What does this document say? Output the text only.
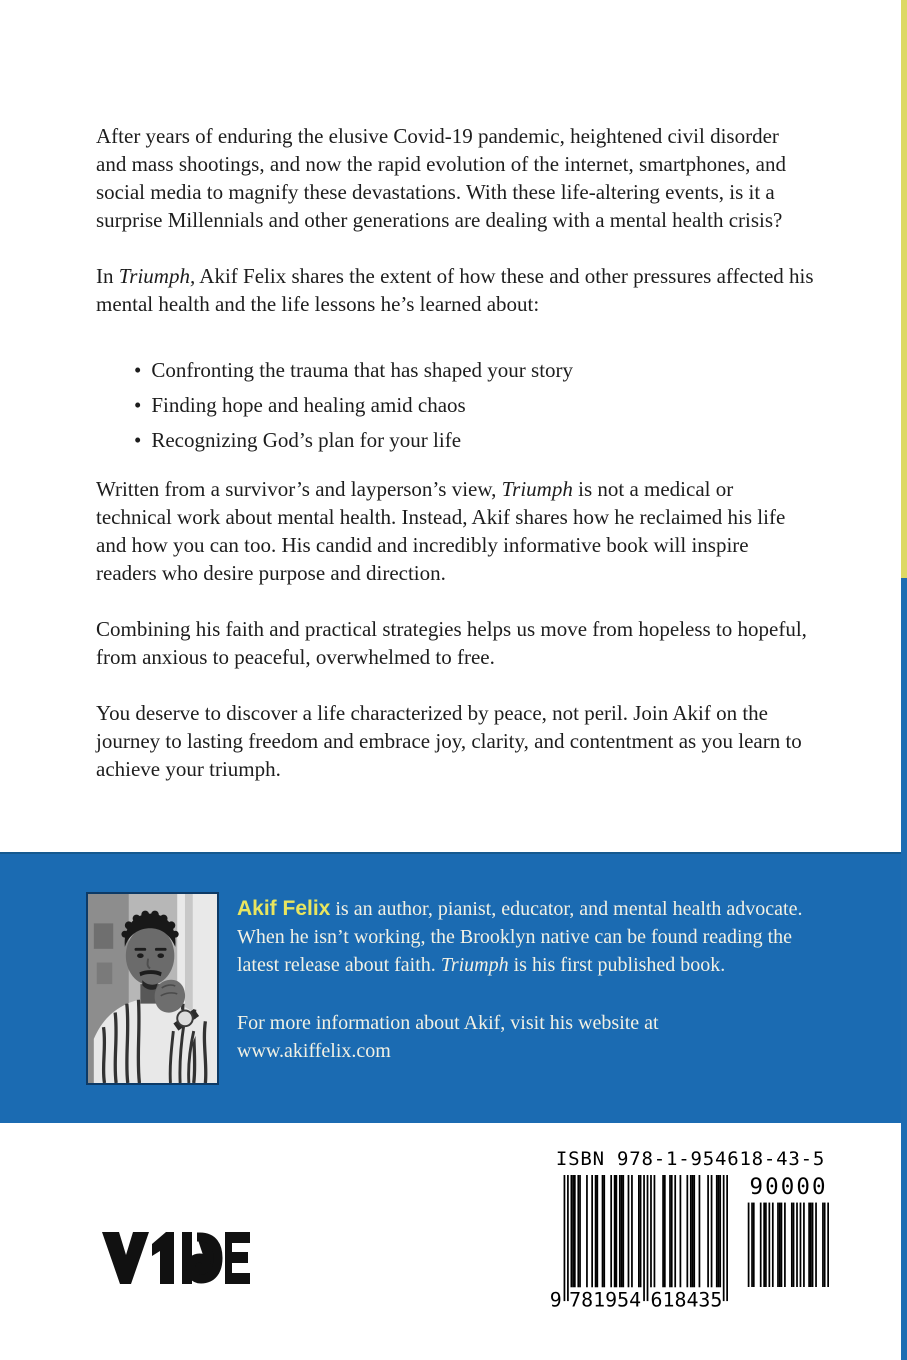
After years of enduring the elusive Covid-19 pandemic, heightened civil disorder and mass shootings, and now the rapid evolution of the internet, smartphones, and social media to magnify these devastations. With these life-altering events, is it a surprise Millennials and other generations are dealing with a mental health crisis?

In Triumph, Akif Felix shares the extent of how these and other pressures affected his mental health and the life lessons he’s learned about:

• Confronting the trauma that has shaped your story
• Finding hope and healing amid chaos
• Recognizing God’s plan for your life

Written from a survivor’s and layperson’s view, Triumph is not a medical or technical work about mental health. Instead, Akif shares how he reclaimed his life and how you can too. His candid and incredibly informative book will inspire readers who desire purpose and direction.

Combining his faith and practical strategies helps us move from hopeless to hopeful, from anxious to peaceful, overwhelmed to free.

You deserve to discover a life characterized by peace, not peril. Join Akif on the journey to lasting freedom and embrace joy, clarity, and contentment as you learn to achieve your triumph.

Akif Felix is an author, pianist, educator, and mental health advocate. When he isn’t working, the Brooklyn native can be found reading the latest release about faith. Triumph is his first published book.

For more information about Akif, visit his website at www.akiffelix.com

ISBN 978-1-954618-43-5
9 781954 618435
90000
